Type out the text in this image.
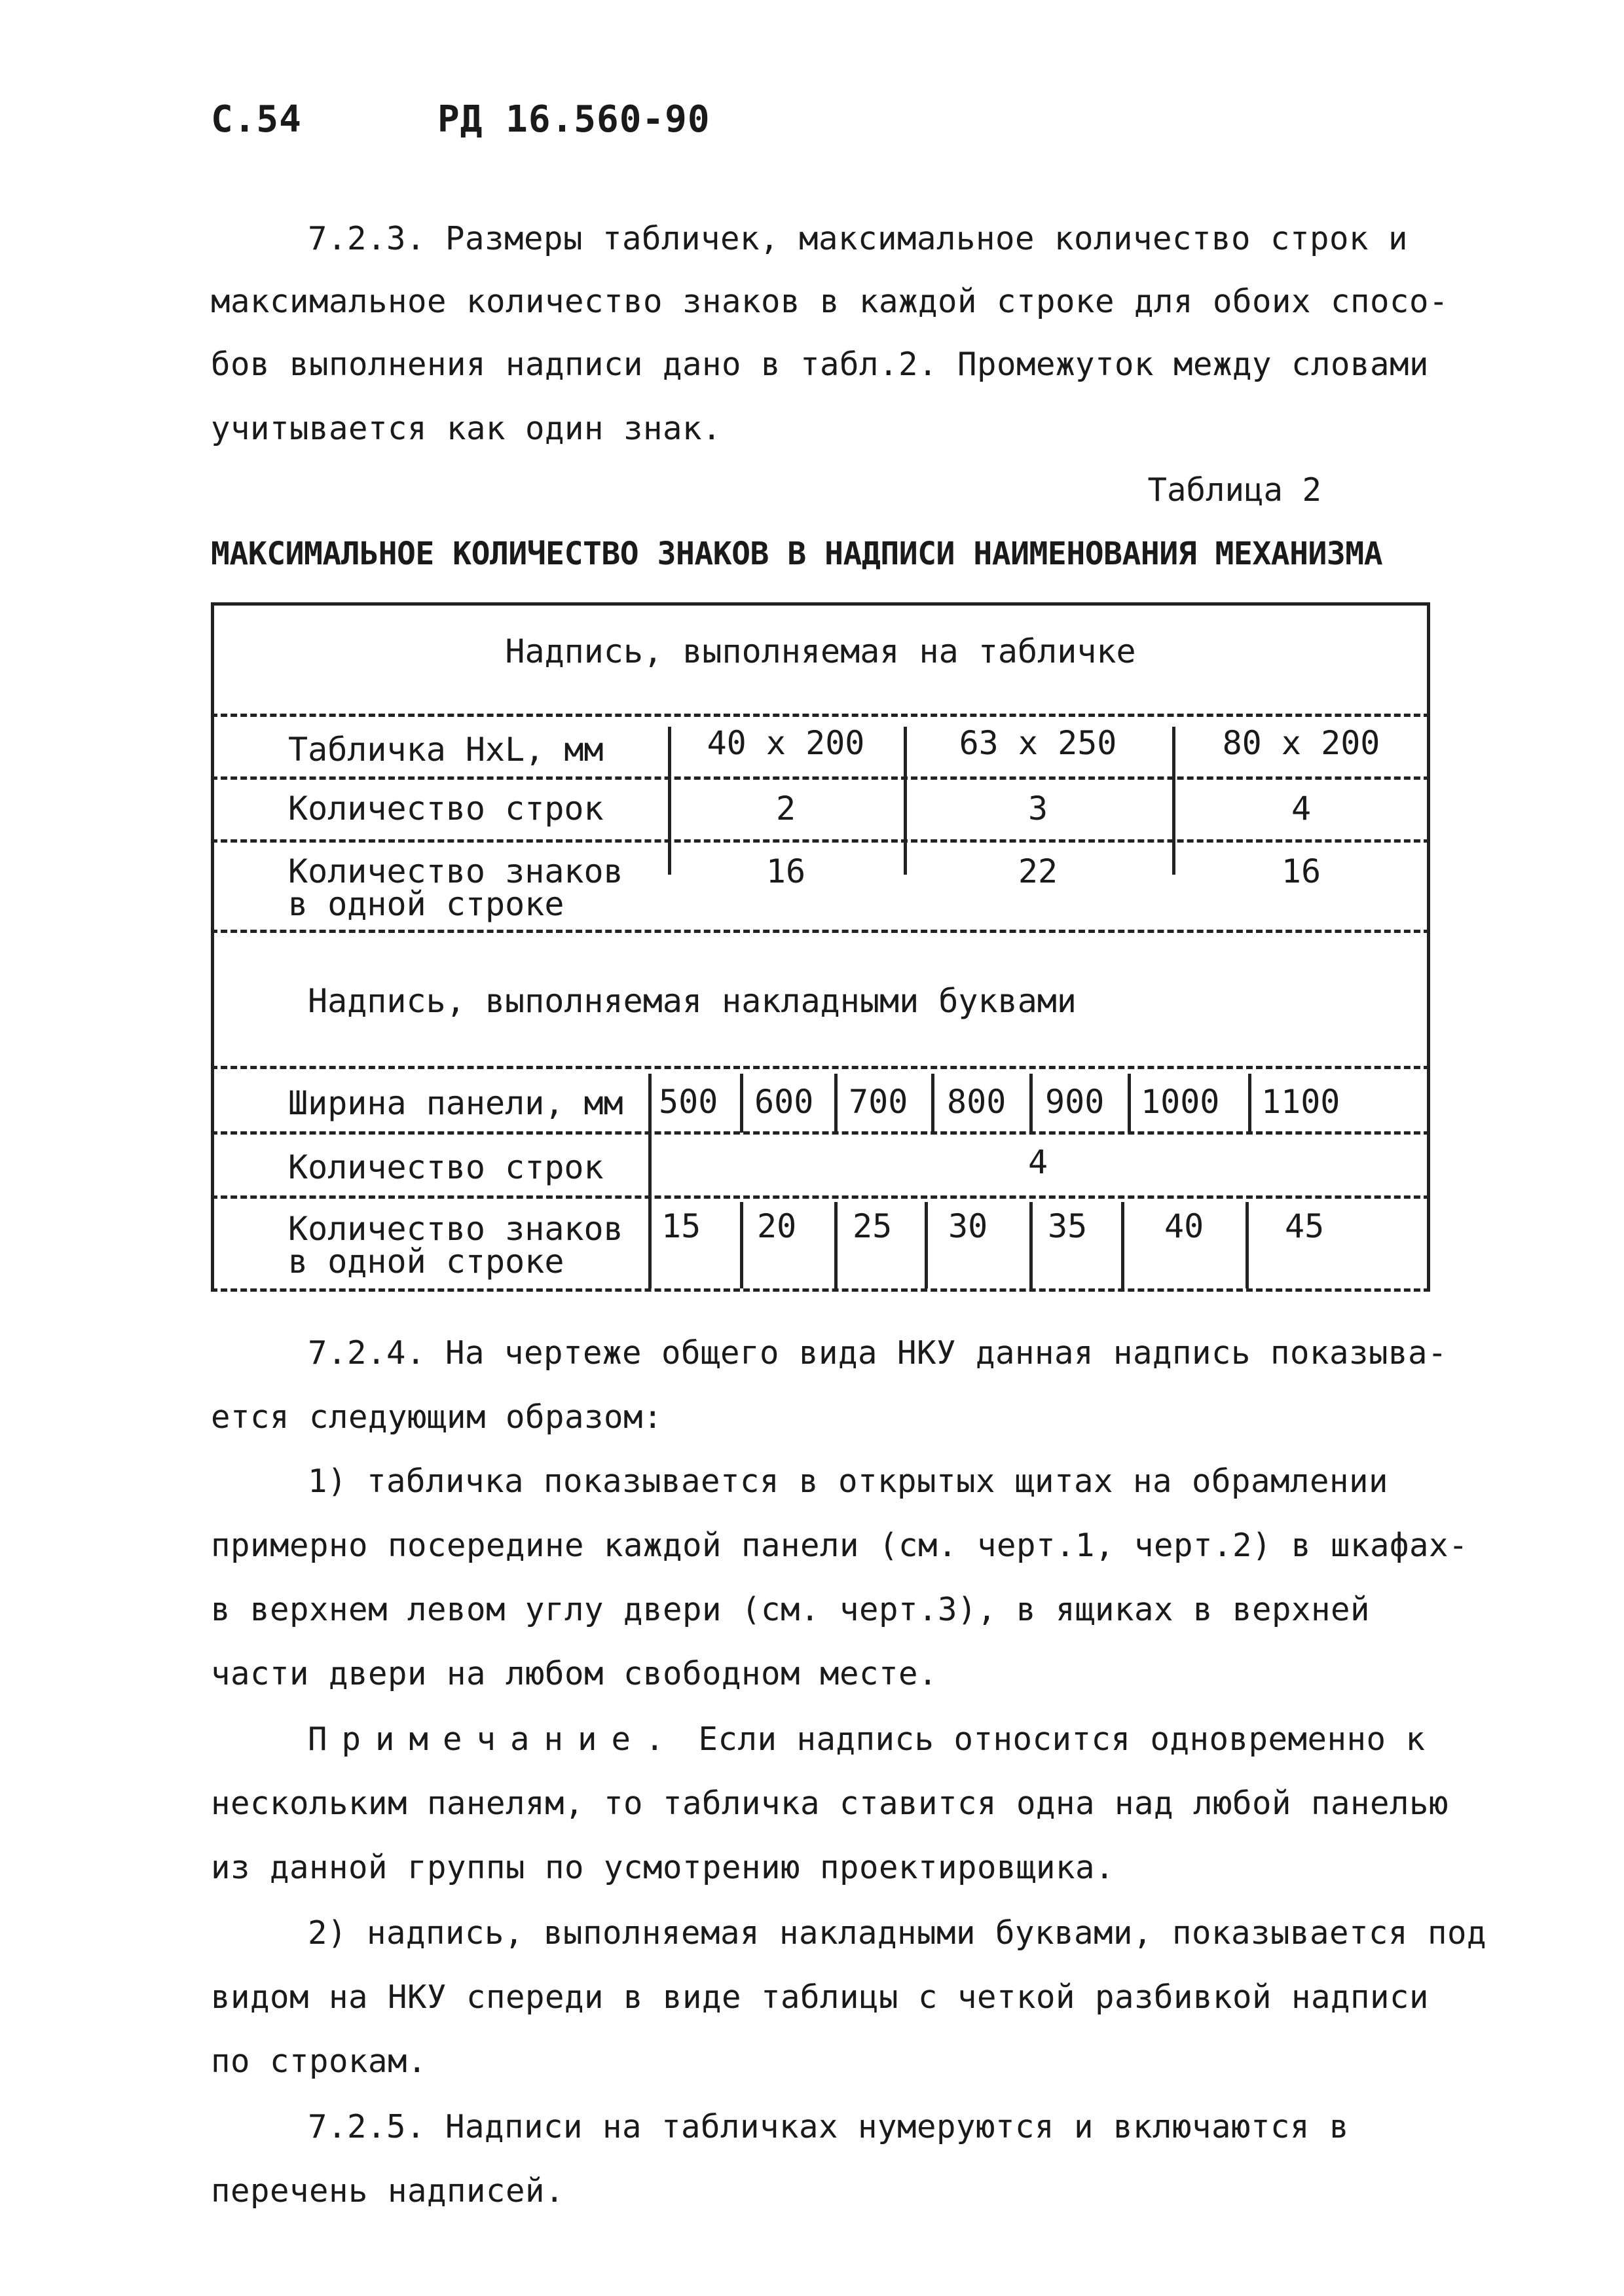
С.54	РД 16.560-90
7.2.3. Размеры табличек, максимальное количество строк и
максимальное количество знаков в каждой строке для обоих спосо-
бов выполнения надписи дано в табл.2. Промежуток между словами
учитывается как один знак.
Таблица 2
МАКСИМАЛЬНОЕ КОЛИЧЕСТВО ЗНАКОВ В НАДПИСИ НАИМЕНОВАНИЯ МЕХАНИЗМА
Надпись, выполняемая на табличке
Табличка HxL, мм	40 х 200	63 х 250	80 х 200
Количество строк	2	3	4
Количество знаков
в одной строке
16	22	16
Надпись, выполняемая накладными буквами
Ширина панели, мм 500 600 700 800 900 1000 1100
Количество строк	4
Количество знаков
в одной строке
15 20 25 30 35 40 45
7.2.4. На чертеже общего вида НКУ данная надпись показыва-
ется следующим образом:
1) табличка показывается в открытых щитах на обрамлении
примерно посередине каждой панели (см. черт.1, черт.2) в шкафах-
в верхнем левом углу двери (см. черт.3), в ящиках в верхней
части двери на любом свободном месте.
Примечание. Если надпись относится одновременно к
нескольким панелям, то табличка ставится одна над любой панелью
из данной группы по усмотрению проектировщика.
2) надпись, выполняемая накладными буквами, показывается под
видом на НКУ спереди в виде таблицы с четкой разбивкой надписи
по строкам.
7.2.5. Надписи на табличках нумеруются и включаются в
перечень надписей.
